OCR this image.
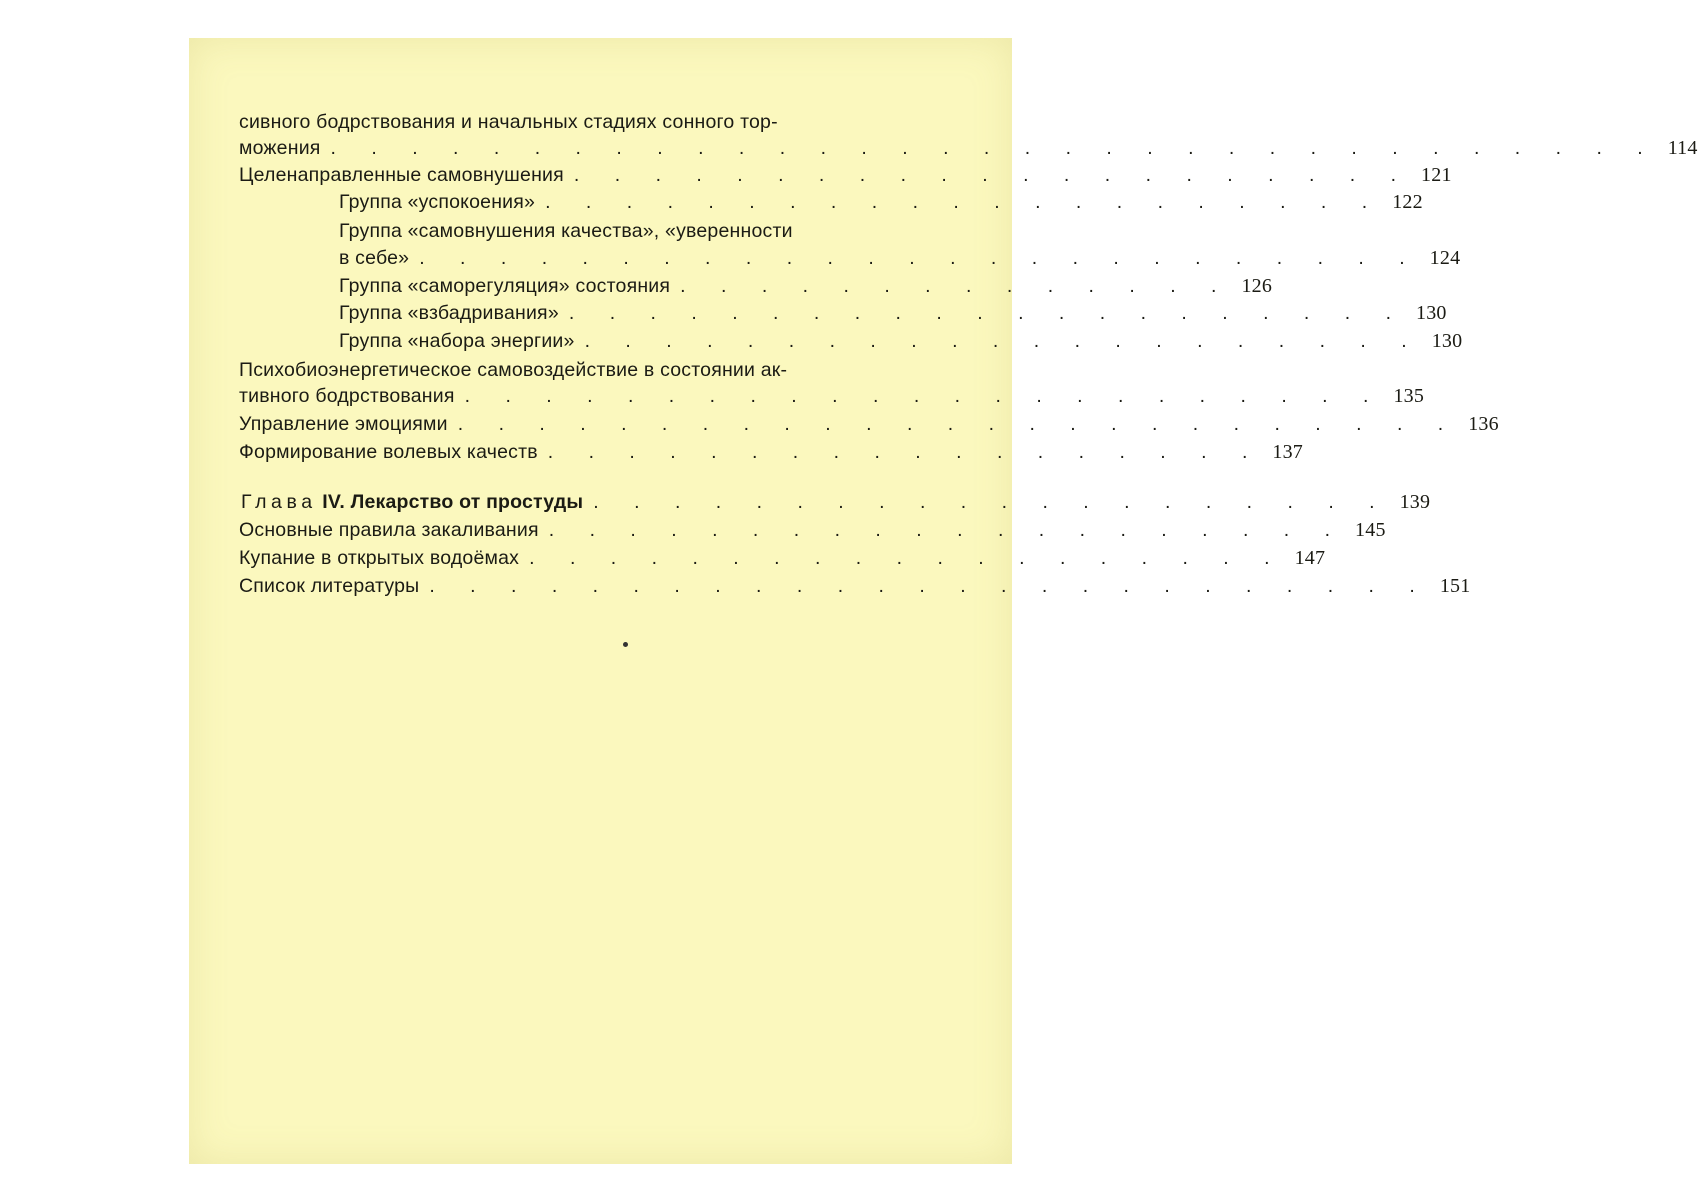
сивного бодрствования и начальных стадиях сонного тор-
можения . . . . . . . . . . . . . . . . . . . . . . . . . . . . . . . . . 114
Целенаправленные самовнушения . . . . . . . . . . . . . . . . . . . . . 121
Группа «успокоения» . . . . . . . . . . . . . . . . . . . . . 122
Группа «самовнушения качества», «уверенности
в себе» . . . . . . . . . . . . . . . . . . . . . . . . . 124
Группа «саморегуляция» состояния . . . . . . . . . . . . . . 126
Группа «взбадривания» . . . . . . . . . . . . . . . . . . . . . 130
Группа «набора энергии» . . . . . . . . . . . . . . . . . . . . . 130
Психобиоэнергетическое самовоздействие в состоянии ак-
тивного бодрствования . . . . . . . . . . . . . . . . . . . . . . . 135
Управление эмоциями . . . . . . . . . . . . . . . . . . . . . . . . . 136
Формирование волевых качеств . . . . . . . . . . . . . . . . . . 137
Глава IV. Лекарство от простуды . . . . . . . . . . . . . . . . . . . . 139
Основные правила закаливания . . . . . . . . . . . . . . . . . . . . 145
Купание в открытых водоёмах . . . . . . . . . . . . . . . . . . . 147
Список литературы . . . . . . . . . . . . . . . . . . . . . . . . . 151
